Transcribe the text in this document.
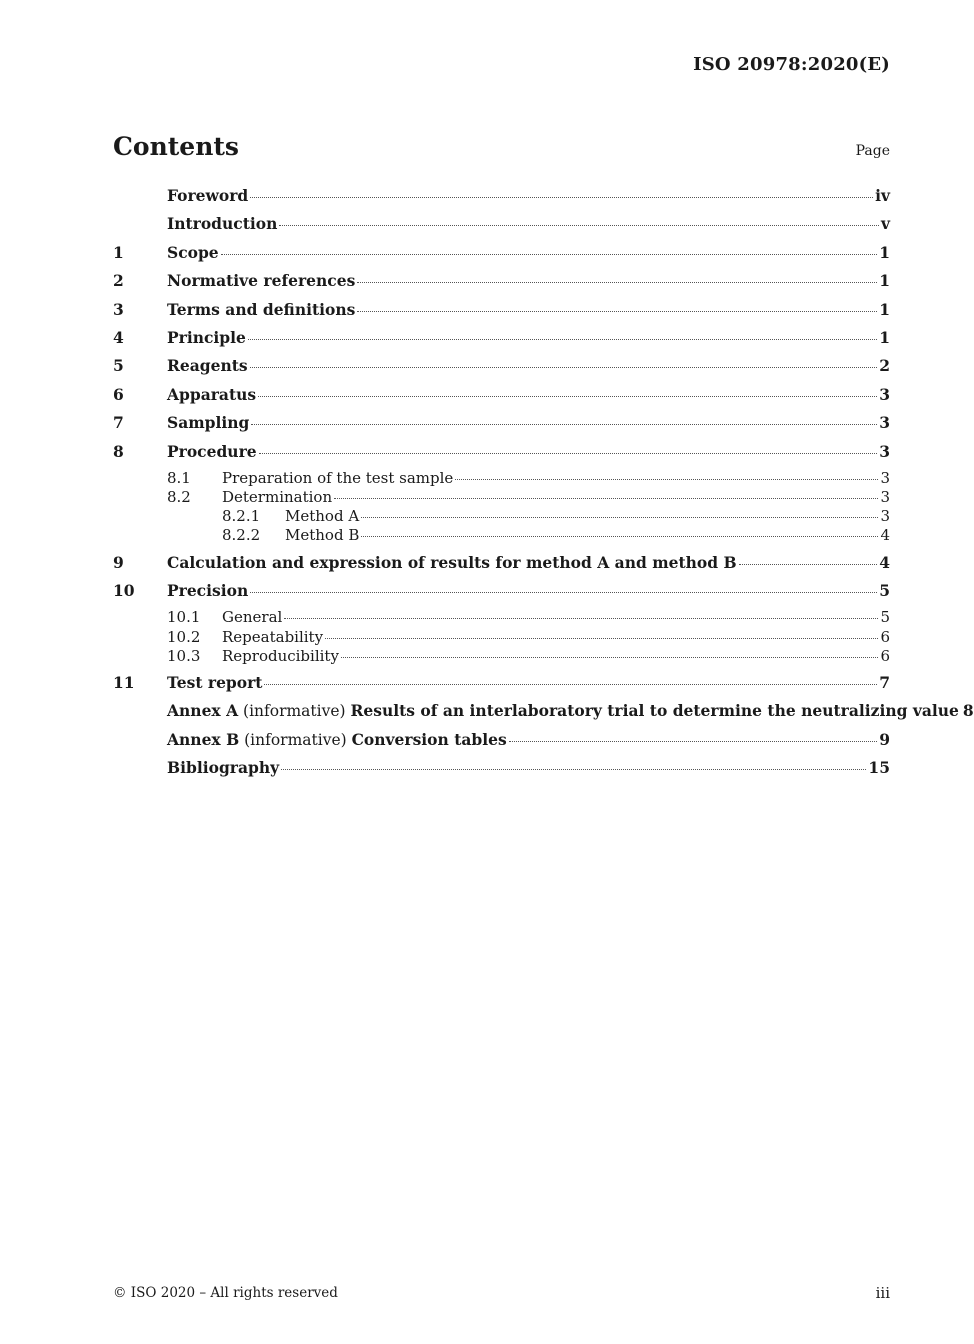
ISO 20978:2020(E)
Contents	Page
Foreword	iv
Introduction	v
1	Scope	1
2	Normative references	1
3	Terms and definitions	1
4	Principle	1
5	Reagents	2
6	Apparatus	3
7	Sampling	3
8	Procedure	3
8.1	Preparation of the test sample	3
8.2	Determination	3
8.2.1	Method A	3
8.2.2	Method B	4
9	Calculation and expression of results for method A and method B	4
10	Precision	5
10.1	General	5
10.2	Repeatability	6
10.3	Reproducibility	6
11	Test report	7
Annex A (informative) Results of an interlaboratory trial to determine the neutralizing value 8
Annex B (informative) Conversion tables	9
Bibliography	15
© ISO 2020 – All rights reserved	iii
